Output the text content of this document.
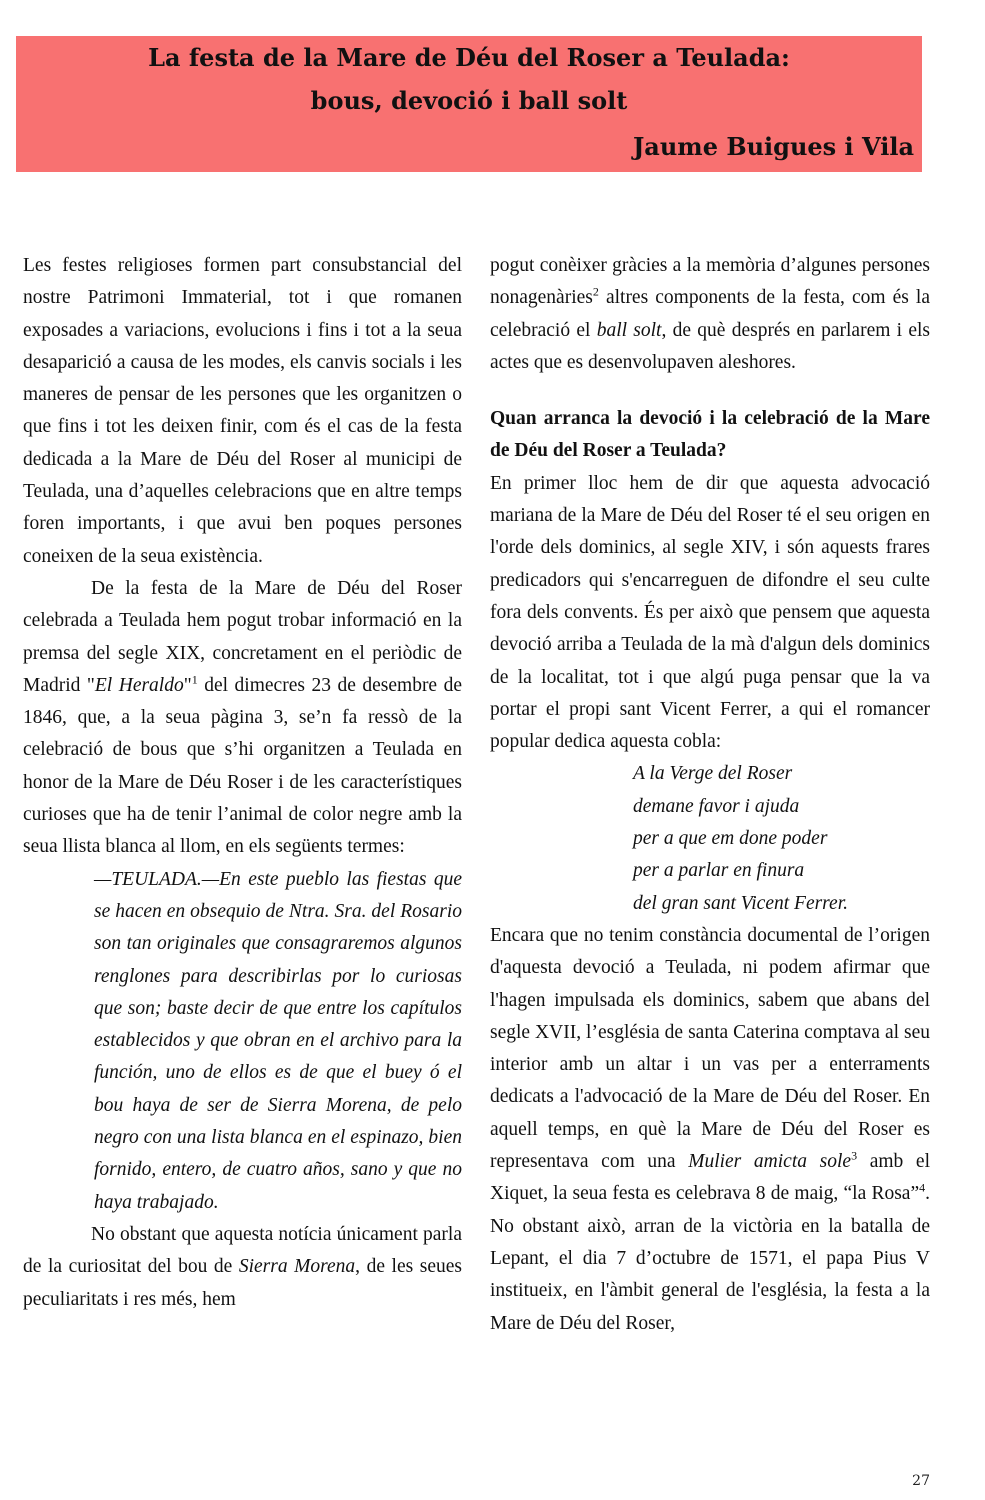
La festa de la Mare de Déu del Roser a Teulada:
bous, devoció i ball solt
Jaume Buigues i Vila

Les festes religioses formen part consubstancial del nostre Patrimoni Immaterial, tot i que romanen exposades a variacions, evolucions i fins i tot a la seua desaparició a causa de les modes, els canvis socials i les maneres de pensar de les persones que les organitzen o que fins i tot les deixen finir, com és el cas de la festa dedicada a la Mare de Déu del Roser al municipi de Teulada, una d’aquelles celebracions que en altre temps foren importants, i que avui ben poques persones coneixen de la seua existència.

De la festa de la Mare de Déu del Roser celebrada a Teulada hem pogut trobar informació en la premsa del segle XIX, concretament en el periòdic de Madrid "El Heraldo"$^1$ del dimecres 23 de desembre de 1846, que, a la seua pàgina 3, se’n fa ressò de la celebració de bous que s’hi organitzen a Teulada en honor de la Mare de Déu Roser i de les característiques curioses que ha de tenir l’animal de color negre amb la seua llista blanca al llom, en els següents termes:

—TEULADA.—En este pueblo las fiestas que se hacen en obsequio de Ntra. Sra. del Rosario son tan originales que consagraremos algunos renglones para describirlas por lo curiosas que son; baste decir de que entre los capítulos establecidos y que obran en el archivo para la función, uno de ellos es de que el buey ó el bou haya de ser de Sierra Morena, de pelo negro con una lista blanca en el espinazo, bien fornido, entero, de cuatro años, sano y que no haya trabajado.

No obstant que aquesta notícia únicament parla de la curiositat del bou de Sierra Morena, de les seues peculiaritats i res més, hem

pogut conèixer gràcies a la memòria d’algunes persones nonagenàries$^2$ altres components de la festa, com és la celebració el ball solt, de què després en parlarem i els actes que es desenvolupaven aleshores.

Quan arranca la devoció i la celebració de la Mare de Déu del Roser a Teulada?

En primer lloc hem de dir que aquesta advocació mariana de la Mare de Déu del Roser té el seu origen en l'orde dels dominics, al segle XIV, i són aquests frares predicadors qui s'encarreguen de difondre el seu culte fora dels convents. És per això que pensem que aquesta devoció arriba a Teulada de la mà d'algun dels dominics de la localitat, tot i que algú puga pensar que la va portar el propi sant Vicent Ferrer, a qui el romancer popular dedica aquesta cobla:

A la Verge del Roser
demane favor i ajuda
per a que em done poder
per a parlar en finura
del gran sant Vicent Ferrer.

Encara que no tenim constància documental de l’origen d'aquesta devoció a Teulada, ni podem afirmar que l'hagen impulsada els dominics, sabem que abans del segle XVII, l’església de santa Caterina comptava al seu interior amb un altar i un vas per a enterraments dedicats a l'advocació de la Mare de Déu del Roser. En aquell temps, en què la Mare de Déu del Roser es representava com una Mulier amicta sole$^3$ amb el Xiquet, la seua festa es celebrava 8 de maig, “la Rosa”$^4$. No obstant això, arran de la victòria en la batalla de Lepant, el dia 7 d’octubre de 1571, el papa Pius V institueix, en l'àmbit general de l'església, la festa a la Mare de Déu del Roser,

27
